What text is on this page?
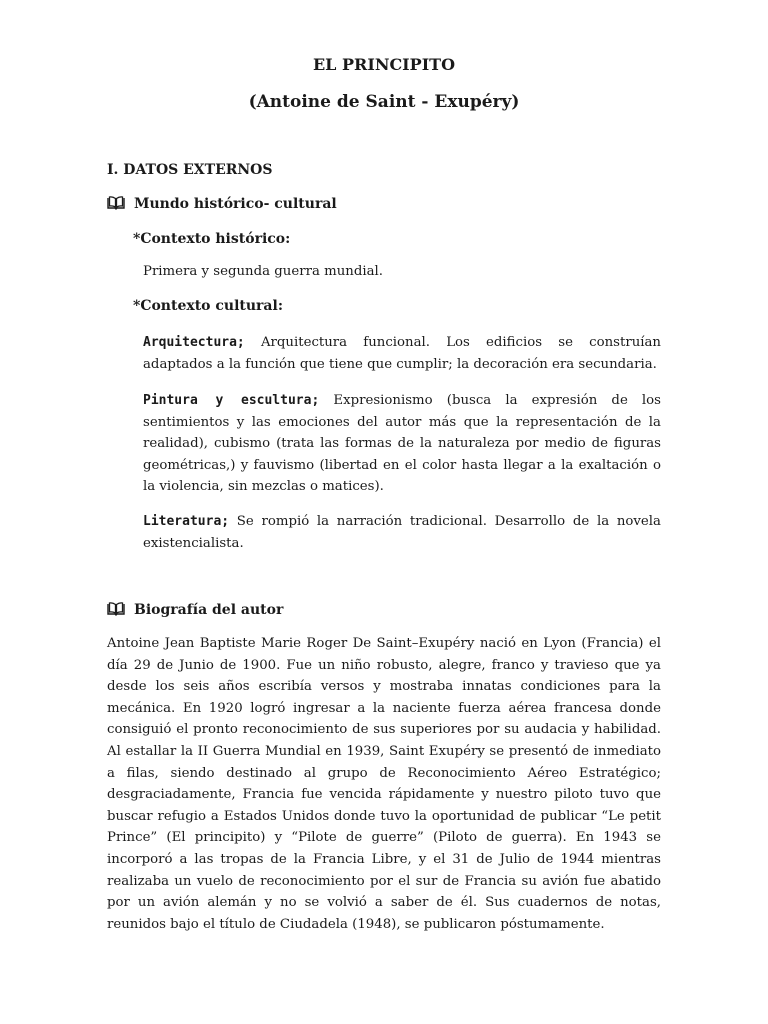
EL PRINCIPITO
(Antoine de Saint - Exupéry)
I. DATOS EXTERNOS
Mundo histórico- cultural
*Contexto histórico:
Primera y segunda guerra mundial.
*Contexto cultural:
Arquitectura; Arquitectura funcional. Los edificios se construían adaptados a la función que tiene que cumplir; la decoración era secundaria.
Pintura y escultura; Expresionismo (busca la expresión de los sentimientos y las emociones del autor más que la representación de la realidad), cubismo (trata las formas de la naturaleza por medio de figuras geométricas,) y fauvismo (libertad en el color hasta llegar a la exaltación o la violencia, sin mezclas o matices).
Literatura; Se rompió la narración tradicional. Desarrollo de la novela existencialista.
Biografía del autor
Antoine Jean Baptiste Marie Roger De Saint–Exupéry nació en Lyon (Francia) el día 29 de Junio de 1900. Fue un niño robusto, alegre, franco y travieso que ya desde los seis años escribía versos y mostraba innatas condiciones para la mecánica. En 1920 logró ingresar a la naciente fuerza aérea francesa donde consiguió el pronto reconocimiento de sus superiores por su audacia y habilidad. Al estallar la II Guerra Mundial en 1939, Saint Exupéry se presentó de inmediato a filas, siendo destinado al grupo de Reconocimiento Aéreo Estratégico; desgraciadamente, Francia fue vencida rápidamente y nuestro piloto tuvo que buscar refugio a Estados Unidos donde tuvo la oportunidad de publicar “Le petit Prince” (El principito) y “Pilote de guerre” (Piloto de guerra). En 1943 se incorporó a las tropas de la Francia Libre, y el 31 de Julio de 1944 mientras realizaba un vuelo de reconocimiento por el sur de Francia su avión fue abatido por un avión alemán y no se volvió a saber de él. Sus cuadernos de notas, reunidos bajo el título de Ciudadela (1948), se publicaron póstumamente.
